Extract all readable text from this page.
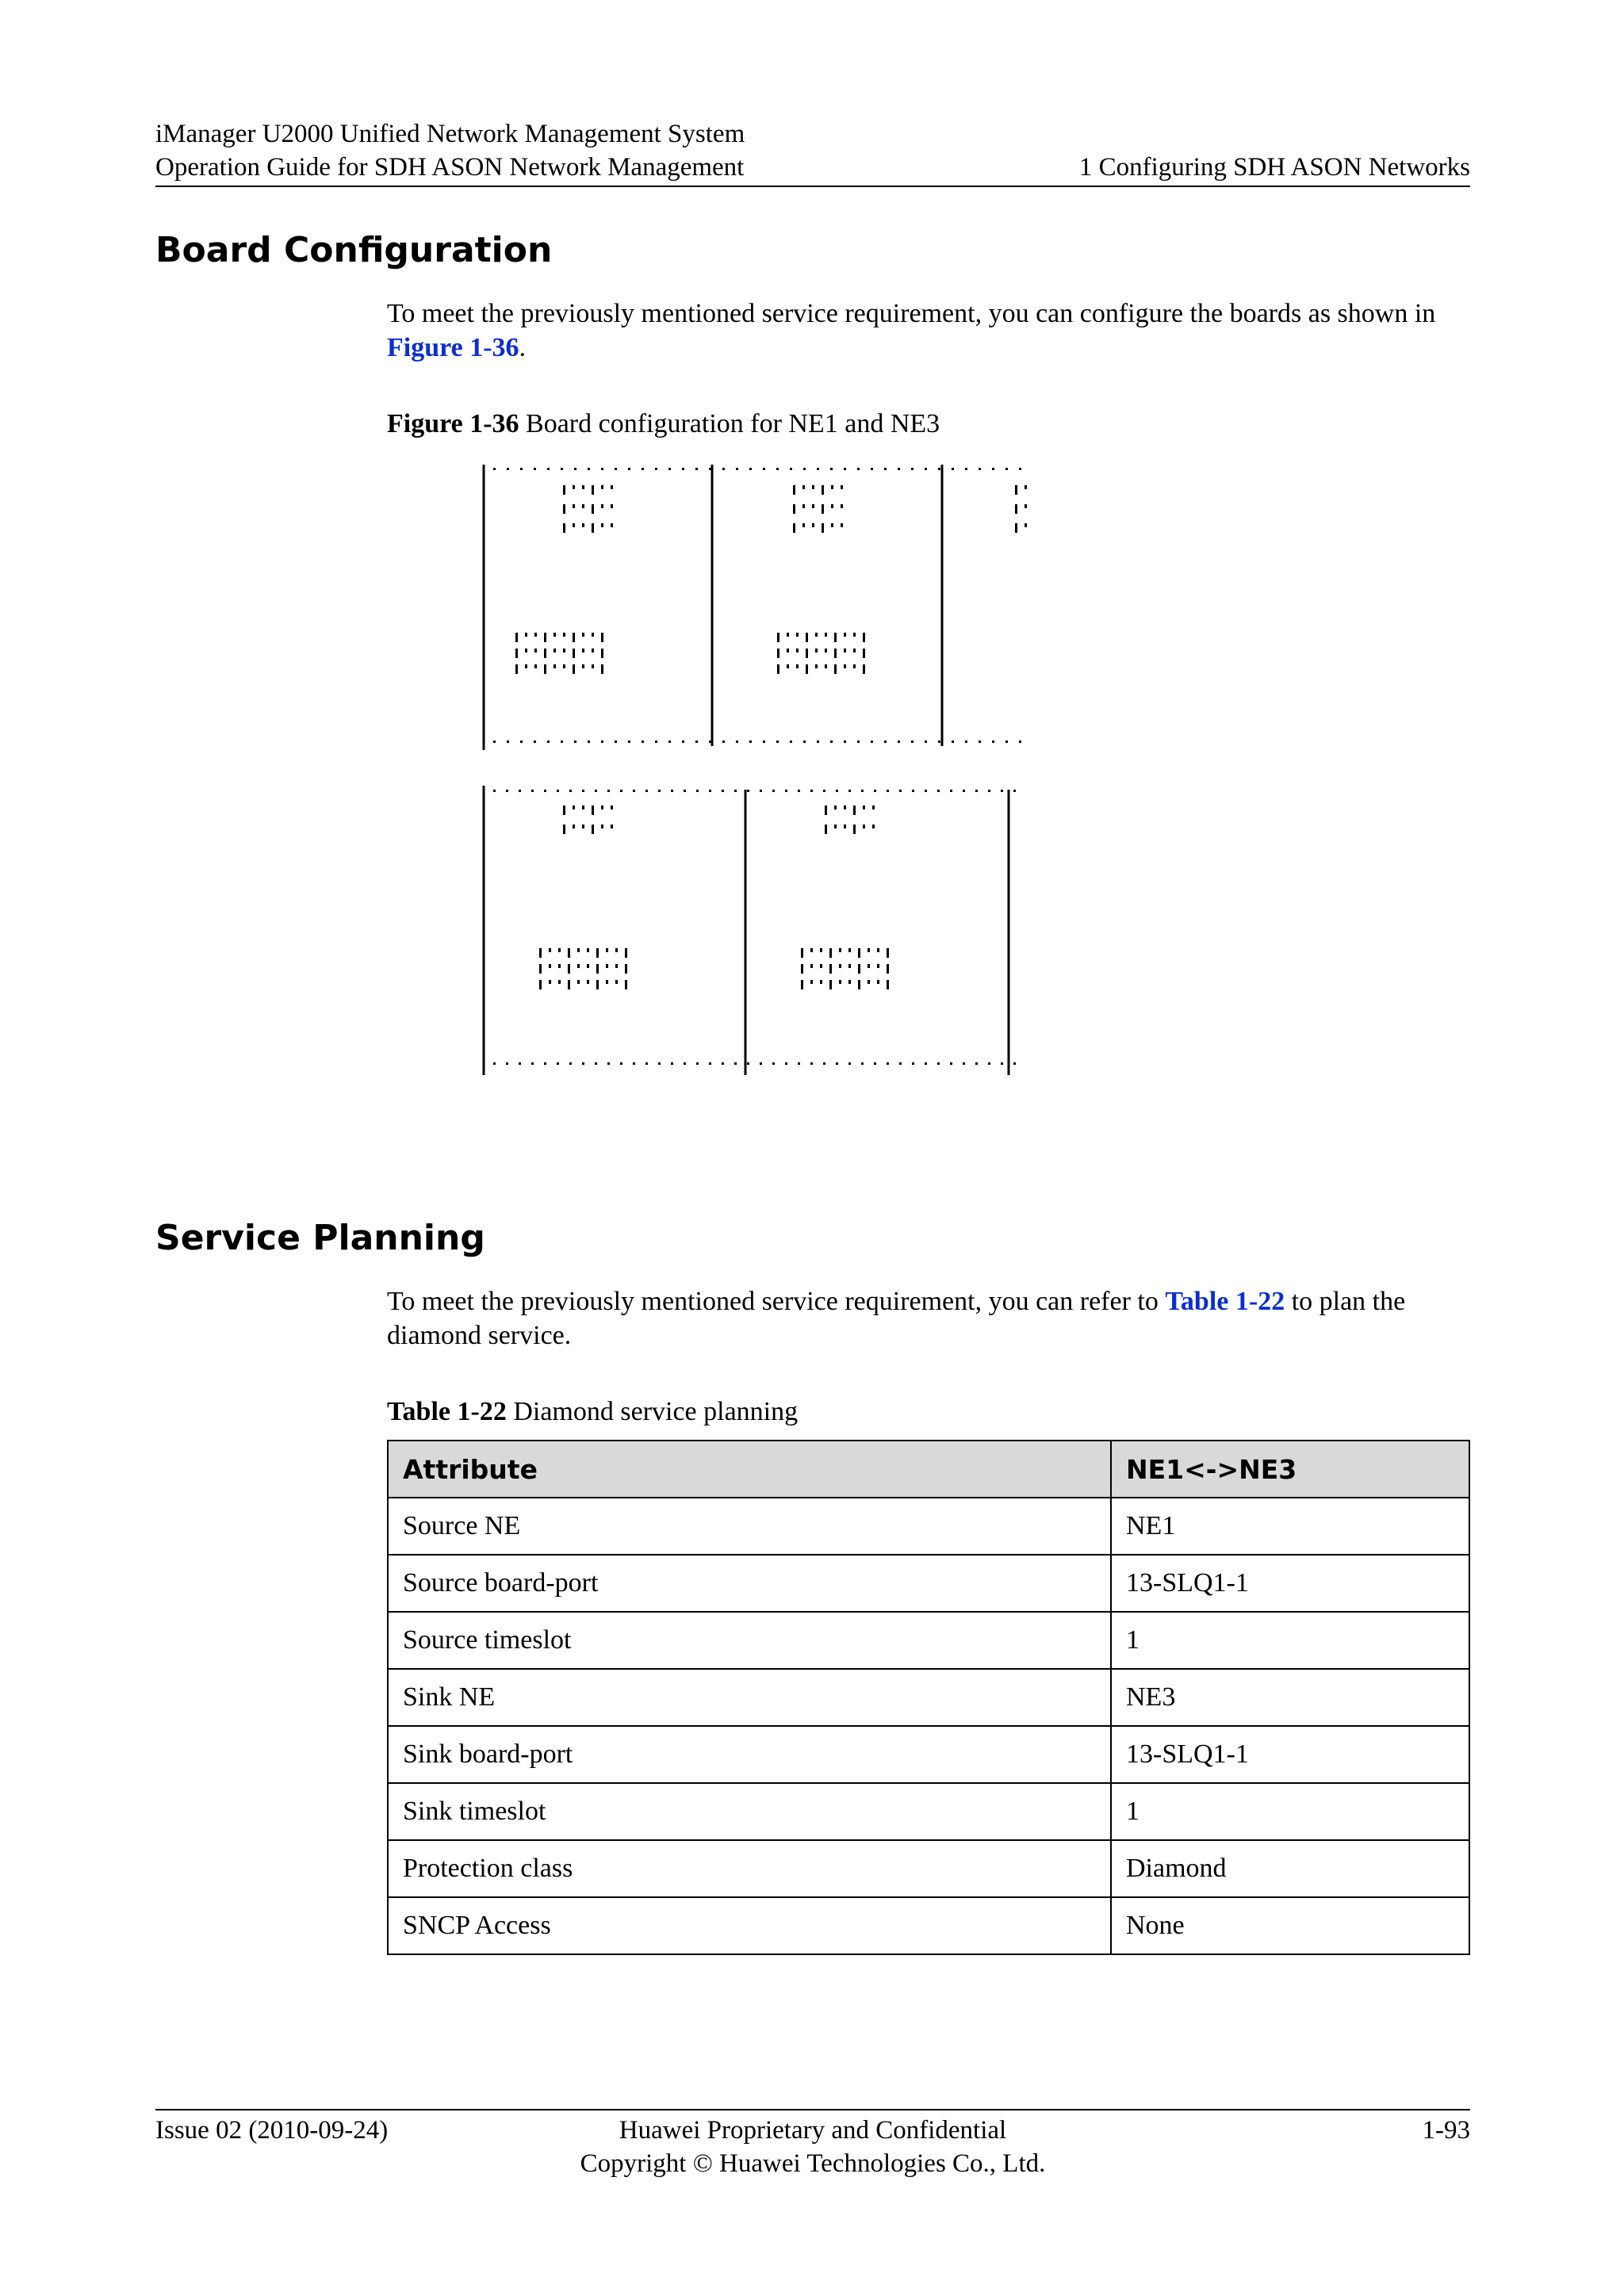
iManager U2000 Unified Network Management System
Operation Guide for SDH ASON Network Management	1 Configuring SDH ASON Networks
Board Configuration

To meet the previously mentioned service requirement, you can configure the boards as shown in Figure 1-36.

Figure 1-36 Board configuration for NE1 and NE3

Service Planning

To meet the previously mentioned service requirement, you can refer to Table 1-22 to plan the diamond service.

Table 1-22 Diamond service planning

Attribute	NE1<->NE3
Source NE	NE1
Source board-port	13-SLQ1-1
Source timeslot	1
Sink NE	NE3
Sink board-port	13-SLQ1-1
Sink timeslot	1
Protection class	Diamond
SNCP Access	None
Issue 02 (2010-09-24)	Huawei Proprietary and Confidential
Copyright © Huawei Technologies Co., Ltd.
1-93
